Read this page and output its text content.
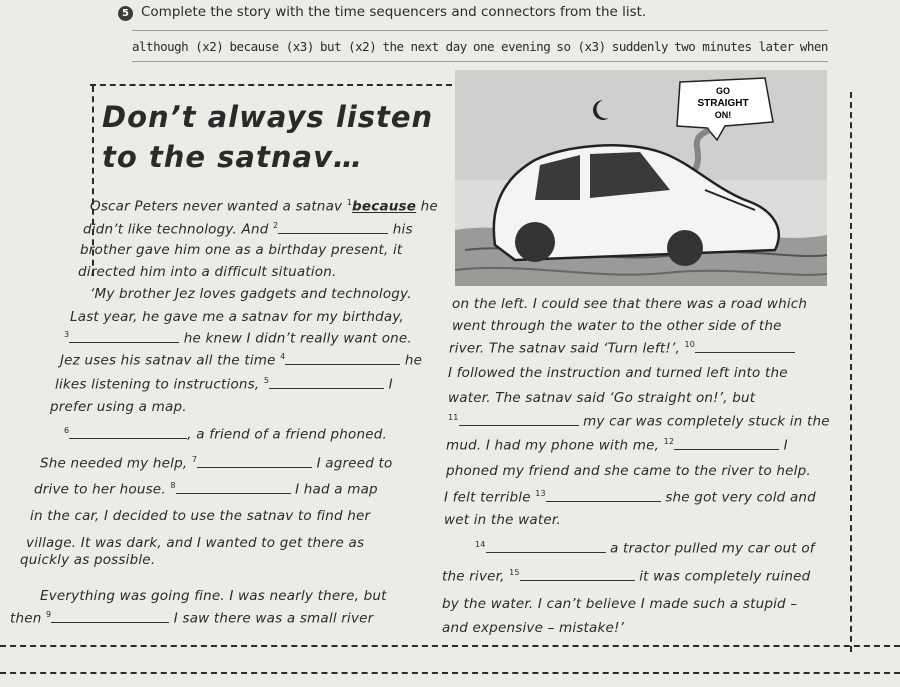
5 Complete the story with the time sequencers and connectors from the list.
although (x2) because (x3) but (x2) the next day one evening so (x3) suddenly two minutes later when
Don’t always listen
to the satnav…
GO
STRAIGHT
ON!
Oscar Peters never wanted a satnav $^1$because he
didn’t like technology. And $^2$	his
brother gave him one as a birthday present, it
directed him into a difficult situation.
‘My brother Jez loves gadgets and technology.
Last year, he gave me a satnav for my birthday,
$^3$	he knew I didn’t really want one.
Jez uses his satnav all the time $^4$	he
likes listening to instructions, $^5$	I
prefer using a map.
$^6$	, a friend of a friend phoned.
She needed my help, $^7$	I agreed to
drive to her house. $^8$	I had a map
in the car, I decided to use the satnav to find her
village. It was dark, and I wanted to get there as
quickly as possible.
Everything was going fine. I was nearly there, but
then $^9$	I saw there was a small river
on the left. I could see that there was a road which
went through the water to the other side of the
river. The satnav said ‘Turn left!’, $^{10}$
I followed the instruction and turned left into the
water. The satnav said ‘Go straight on!’, but
$^{11}$	my car was completely stuck in the
mud. I had my phone with me, $^{12}$	I
phoned my friend and she came to the river to help.
I felt terrible $^{13}$	she got very cold and
wet in the water.
$^{14}$	a tractor pulled my car out of
the river, $^{15}$	it was completely ruined
by the water. I can’t believe I made such a stupid –
and expensive – mistake!’
